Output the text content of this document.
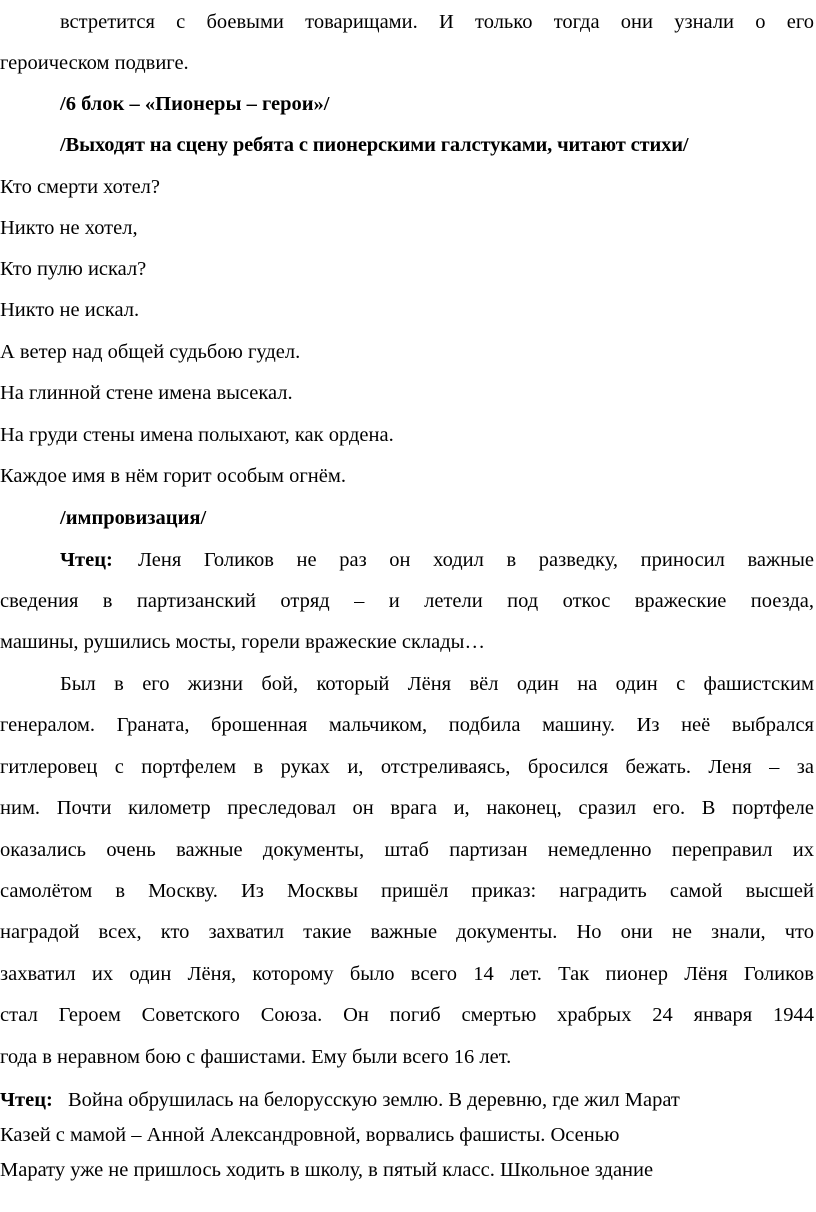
встретится с боевыми товарищами. И только тогда они узнали о его
героическом подвиге.
/6 блок – «Пионеры – герои»/
/Выходят на сцену ребята с пионерскими галстуками, читают стихи/
Кто смерти хотел?
Никто не хотел,
Кто пулю искал?
Никто не искал.
А ветер над общей судьбою гудел.
На глинной стене имена высекал.
На груди стены имена полыхают, как ордена.
Каждое имя в нём горит особым огнём.
/импровизация/
Чтец: Леня Голиков не раз он ходил в разведку, приносил важные
сведения в партизанский отряд – и летели под откос вражеские поезда,
машины, рушились мосты, горели вражеские склады…
Был в его жизни бой, который Лёня вёл один на один с фашистским
генералом. Граната, брошенная мальчиком, подбила машину. Из неё выбрался
гитлеровец с портфелем в руках и, отстреливаясь, бросился бежать. Леня – за
ним. Почти километр преследовал он врага и, наконец, сразил его. В портфеле
оказались очень важные документы, штаб партизан немедленно переправил их
самолётом в Москву. Из Москвы пришёл приказ: наградить самой высшей
наградой всех, кто захватил такие важные документы. Но они не знали, что
захватил их один Лёня, которому было всего 14 лет. Так пионер Лёня Голиков
стал Героем Советского Союза. Он погиб смертью храбрых 24 января 1944
года в неравном бою с фашистами. Ему были всего 16 лет.
Чтец: Война обрушилась на белорусскую землю. В деревню, где жил Марат
Казей с мамой – Анной Александровной, ворвались фашисты. Осенью
Марату уже не пришлось ходить в школу, в пятый класс. Школьное здание
